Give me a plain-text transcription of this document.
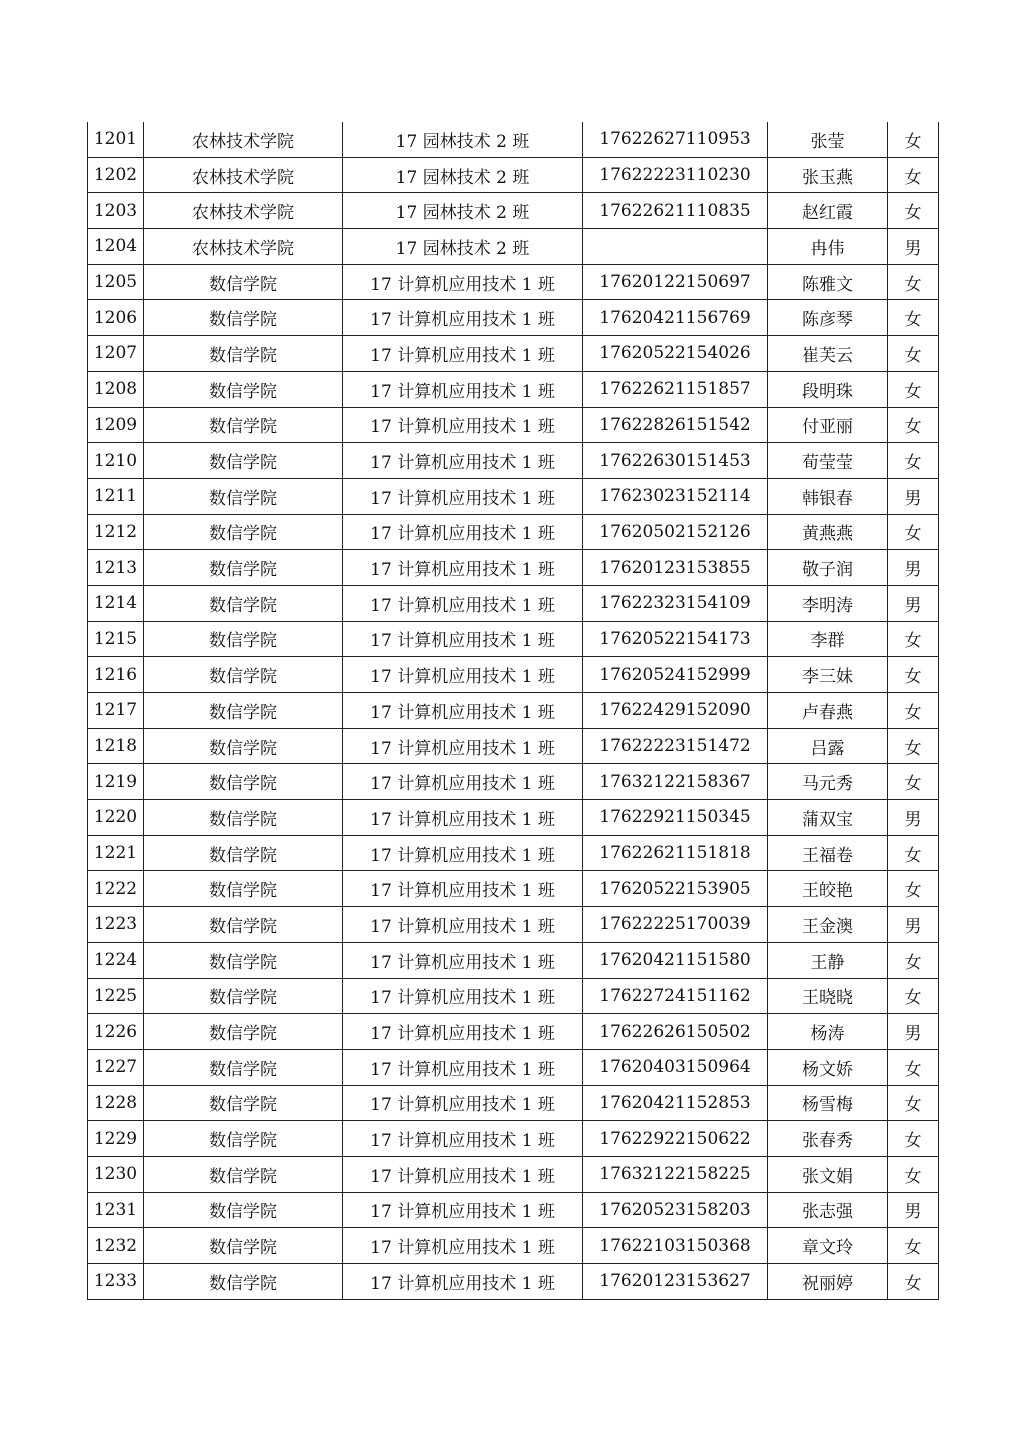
1201	农林技术学院	17 园林技术 2 班	17622627110953	张莹	女
1202	农林技术学院	17 园林技术 2 班	17622223110230	张玉燕	女
1203	农林技术学院	17 园林技术 2 班	17622621110835	赵红霞	女
1204	农林技术学院	17 园林技术 2 班		冉伟	男
1205	数信学院	17 计算机应用技术 1 班	17620122150697	陈雅文	女
1206	数信学院	17 计算机应用技术 1 班	17620421156769	陈彦琴	女
1207	数信学院	17 计算机应用技术 1 班	17620522154026	崔芙云	女
1208	数信学院	17 计算机应用技术 1 班	17622621151857	段明珠	女
1209	数信学院	17 计算机应用技术 1 班	17622826151542	付亚丽	女
1210	数信学院	17 计算机应用技术 1 班	17622630151453	荀莹莹	女
1211	数信学院	17 计算机应用技术 1 班	17623023152114	韩银春	男
1212	数信学院	17 计算机应用技术 1 班	17620502152126	黄燕燕	女
1213	数信学院	17 计算机应用技术 1 班	17620123153855	敬子润	男
1214	数信学院	17 计算机应用技术 1 班	17622323154109	李明涛	男
1215	数信学院	17 计算机应用技术 1 班	17620522154173	李群	女
1216	数信学院	17 计算机应用技术 1 班	17620524152999	李三妹	女
1217	数信学院	17 计算机应用技术 1 班	17622429152090	卢春燕	女
1218	数信学院	17 计算机应用技术 1 班	17622223151472	吕露	女
1219	数信学院	17 计算机应用技术 1 班	17632122158367	马元秀	女
1220	数信学院	17 计算机应用技术 1 班	17622921150345	蒲双宝	男
1221	数信学院	17 计算机应用技术 1 班	17622621151818	王福卷	女
1222	数信学院	17 计算机应用技术 1 班	17620522153905	王皎艳	女
1223	数信学院	17 计算机应用技术 1 班	17622225170039	王金澳	男
1224	数信学院	17 计算机应用技术 1 班	17620421151580	王静	女
1225	数信学院	17 计算机应用技术 1 班	17622724151162	王晓晓	女
1226	数信学院	17 计算机应用技术 1 班	17622626150502	杨涛	男
1227	数信学院	17 计算机应用技术 1 班	17620403150964	杨文娇	女
1228	数信学院	17 计算机应用技术 1 班	17620421152853	杨雪梅	女
1229	数信学院	17 计算机应用技术 1 班	17622922150622	张春秀	女
1230	数信学院	17 计算机应用技术 1 班	17632122158225	张文娟	女
1231	数信学院	17 计算机应用技术 1 班	17620523158203	张志强	男
1232	数信学院	17 计算机应用技术 1 班	17622103150368	章文玲	女
1233	数信学院	17 计算机应用技术 1 班	17620123153627	祝丽婷	女
